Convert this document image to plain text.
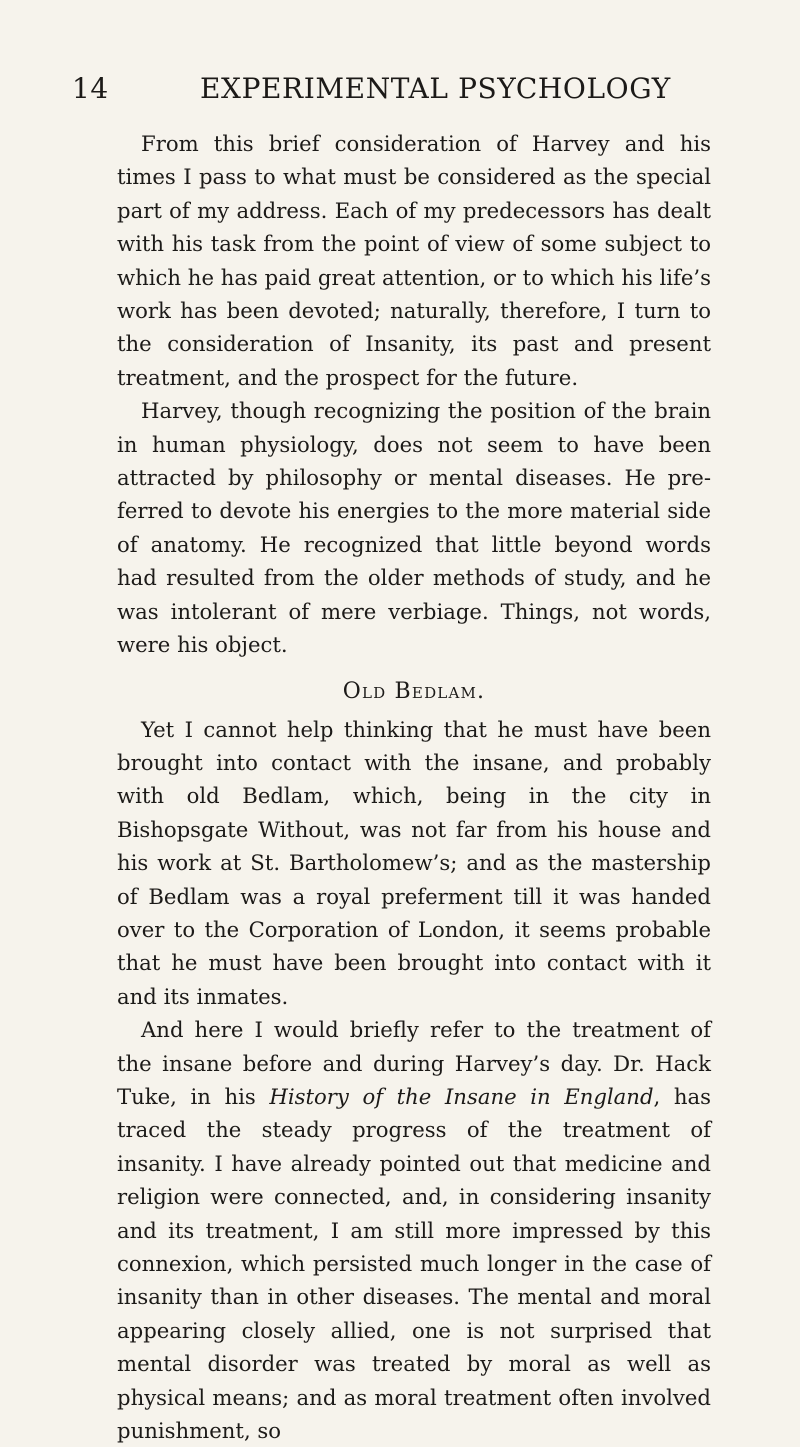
14	EXPERIMENTAL PSYCHOLOGY

From this brief consideration of Harvey and his times I pass to what must be considered as the special part of my address. Each of my predecessors has dealt with his task from the point of view of some subject to which he has paid great attention, or to which his life’s work has been devoted; naturally, therefore, I turn to the consideration of Insanity, its past and present treatment, and the prospect for the future.

Harvey, though recognizing the position of the brain in human physiology, does not seem to have been attracted by philosophy or mental diseases. He preferred to devote his energies to the more material side of anatomy. He recognized that little beyond words had resulted from the older methods of study, and he was intolerant of mere verbiage. Things, not words, were his object.

Old Bedlam.

Yet I cannot help thinking that he must have been brought into contact with the insane, and probably with old Bedlam, which, being in the city in Bishopsgate Without, was not far from his house and his work at St. Bartholomew’s; and as the mastership of Bedlam was a royal preferment till it was handed over to the Corporation of London, it seems probable that he must have been brought into contact with it and its inmates.

And here I would briefly refer to the treatment of the insane before and during Harvey’s day. Dr. Hack Tuke, in his History of the Insane in England, has traced the steady progress of the treatment of insanity. I have already pointed out that medicine and religion were connected, and, in considering insanity and its treatment, I am still more impressed by this connexion, which persisted much longer in the case of insanity than in other diseases. The mental and moral appearing closely allied, one is not surprised that mental disorder was treated by moral as well as physical means; and as moral treatment often involved punishment, so
